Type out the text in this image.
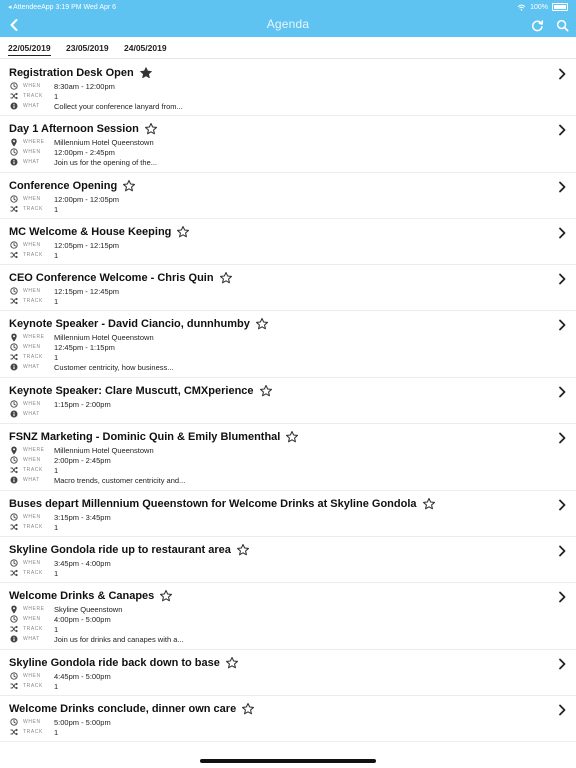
◂ AttendeeApp 3:19 PM Wed Apr 6	100%
Agenda
22/05/2019 23/05/2019 24/05/2019
Registration Desk Open
WHEN	8:30am - 12:00pm
TRACK	1
WHAT	Collect your conference lanyard from...
Day 1 Afternoon Session
WHERE	Millennium Hotel Queenstown
WHEN	12:00pm - 2:45pm
WHAT	Join us for the opening of the...
Conference Opening
WHEN	12:00pm - 12:05pm
TRACK	1
MC Welcome & House Keeping
WHEN	12:05pm - 12:15pm
TRACK	1
CEO Conference Welcome - Chris Quin
WHEN	12:15pm - 12:45pm
TRACK	1
Keynote Speaker - David Ciancio, dunnhumby
WHERE	Millennium Hotel Queenstown
WHEN	12:45pm - 1:15pm
TRACK	1
WHAT	Customer centricity, how business...
Keynote Speaker: Clare Muscutt, CMXperience
WHEN	1:15pm - 2:00pm
WHAT
FSNZ Marketing - Dominic Quin & Emily Blumenthal
WHERE	Millennium Hotel Queenstown
WHEN	2:00pm - 2:45pm
TRACK	1
WHAT	Macro trends, customer centricity and...
Buses depart Millennium Queenstown for Welcome Drinks at Skyline Gondola
WHEN	3:15pm - 3:45pm
TRACK	1
Skyline Gondola ride up to restaurant area
WHEN	3:45pm - 4:00pm
TRACK	1
Welcome Drinks & Canapes
WHERE	Skyline Queenstown
WHEN	4:00pm - 5:00pm
TRACK	1
WHAT	Join us for drinks and canapes with a...
Skyline Gondola ride back down to base
WHEN	4:45pm - 5:00pm
TRACK	1
Welcome Drinks conclude, dinner own care
WHEN	5:00pm - 5:00pm
TRACK	1
